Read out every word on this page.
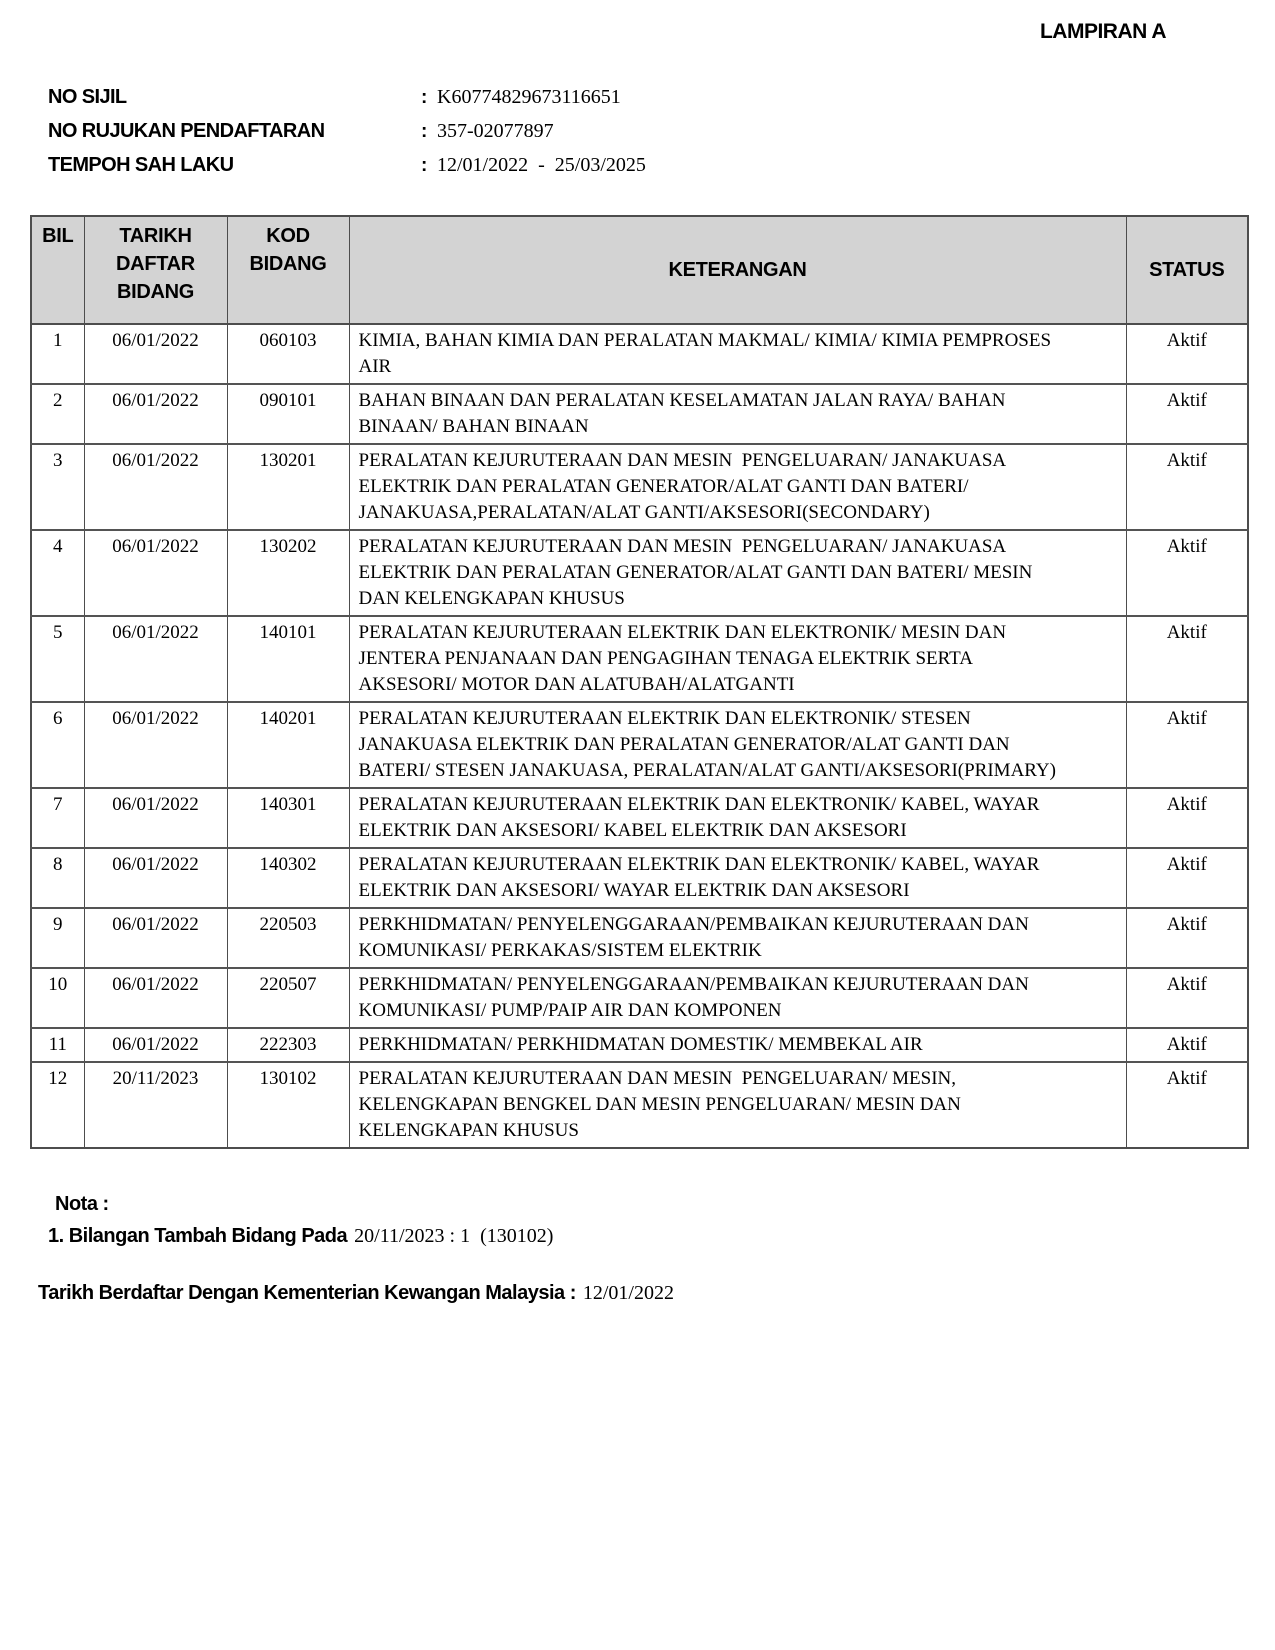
LAMPIRAN A
NO SIJIL	: K60774829673116651
NO RUJUKAN PENDAFTARAN	: 357-02077897
TEMPOH SAH LAKU	: 12/01/2022  -  25/03/2025
BIL	TARIKH DAFTAR BIDANG	KOD BIDANG	KETERANGAN	STATUS
1	06/01/2022	060103	KIMIA, BAHAN KIMIA DAN PERALATAN MAKMAL/ KIMIA/ KIMIA PEMPROSES AIR	Aktif
2	06/01/2022	090101	BAHAN BINAAN DAN PERALATAN KESELAMATAN JALAN RAYA/ BAHAN BINAAN/ BAHAN BINAAN	Aktif
3	06/01/2022	130201	PERALATAN KEJURUTERAAN DAN MESIN  PENGELUARAN/ JANAKUASA ELEKTRIK DAN PERALATAN GENERATOR/ALAT GANTI DAN BATERI/ JANAKUASA,PERALATAN/ALAT GANTI/AKSESORI(SECONDARY)	Aktif
4	06/01/2022	130202	PERALATAN KEJURUTERAAN DAN MESIN  PENGELUARAN/ JANAKUASA ELEKTRIK DAN PERALATAN GENERATOR/ALAT GANTI DAN BATERI/ MESIN DAN KELENGKAPAN KHUSUS	Aktif
5	06/01/2022	140101	PERALATAN KEJURUTERAAN ELEKTRIK DAN ELEKTRONIK/ MESIN DAN JENTERA PENJANAAN DAN PENGAGIHAN TENAGA ELEKTRIK SERTA AKSESORI/ MOTOR DAN ALATUBAH/ALATGANTI	Aktif
6	06/01/2022	140201	PERALATAN KEJURUTERAAN ELEKTRIK DAN ELEKTRONIK/ STESEN JANAKUASA ELEKTRIK DAN PERALATAN GENERATOR/ALAT GANTI DAN BATERI/ STESEN JANAKUASA, PERALATAN/ALAT GANTI/AKSESORI(PRIMARY)	Aktif
7	06/01/2022	140301	PERALATAN KEJURUTERAAN ELEKTRIK DAN ELEKTRONIK/ KABEL, WAYAR ELEKTRIK DAN AKSESORI/ KABEL ELEKTRIK DAN AKSESORI	Aktif
8	06/01/2022	140302	PERALATAN KEJURUTERAAN ELEKTRIK DAN ELEKTRONIK/ KABEL, WAYAR ELEKTRIK DAN AKSESORI/ WAYAR ELEKTRIK DAN AKSESORI	Aktif
9	06/01/2022	220503	PERKHIDMATAN/ PENYELENGGARAAN/PEMBAIKAN KEJURUTERAAN DAN KOMUNIKASI/ PERKAKAS/SISTEM ELEKTRIK	Aktif
10	06/01/2022	220507	PERKHIDMATAN/ PENYELENGGARAAN/PEMBAIKAN KEJURUTERAAN DAN KOMUNIKASI/ PUMP/PAIP AIR DAN KOMPONEN	Aktif
11	06/01/2022	222303	PERKHIDMATAN/ PERKHIDMATAN DOMESTIK/ MEMBEKAL AIR	Aktif
12	20/11/2023	130102	PERALATAN KEJURUTERAAN DAN MESIN  PENGELUARAN/ MESIN, KELENGKAPAN BENGKEL DAN MESIN PENGELUARAN/ MESIN DAN KELENGKAPAN KHUSUS	Aktif
Nota :
1. Bilangan Tambah Bidang Pada 20/11/2023 : 1  (130102)
Tarikh Berdaftar Dengan Kementerian Kewangan Malaysia : 12/01/2022
